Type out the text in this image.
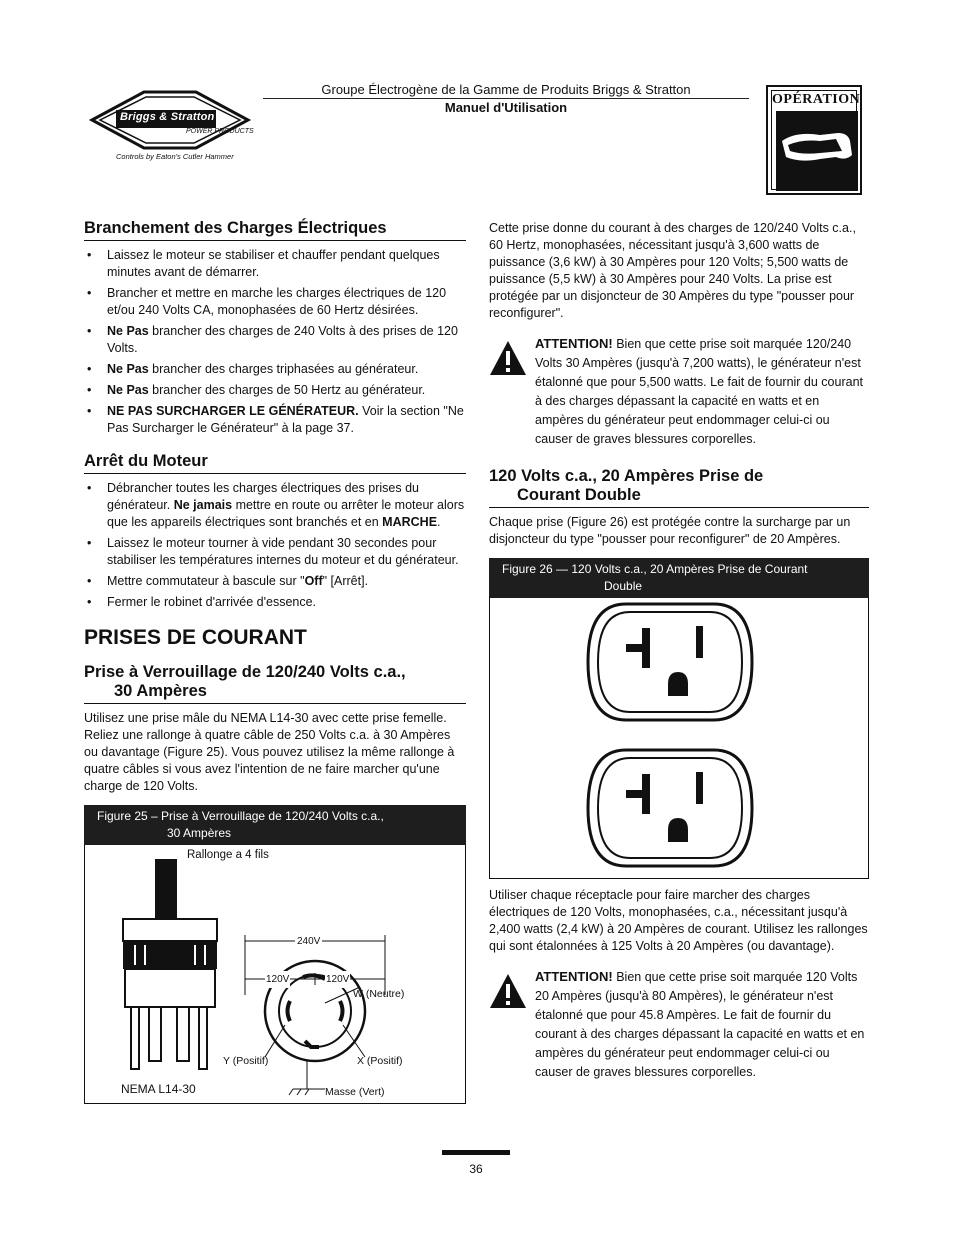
Briggs & Stratton
POWER PRODUCTS
Controls by Eaton's Cutler Hammer
Groupe Électrogène de la Gamme de Produits Briggs & Stratton
Manuel d'Utilisation
OPÉRATION
Branchement des Charges Électriques
• Laissez le moteur se stabiliser et chauffer pendant quelques minutes avant de démarrer.
• Brancher et mettre en marche les charges électriques de 120 et/ou 240 Volts CA, monophasées de 60 Hertz désirées.
• Ne Pas brancher des charges de 240 Volts à des prises de 120 Volts.
• Ne Pas brancher des charges triphasées au générateur.
• Ne Pas brancher des charges de 50 Hertz au générateur.
• NE PAS SURCHARGER LE GÉNÉRATEUR. Voir la section "Ne Pas Surcharger le Générateur" à la page 37.
Arrêt du Moteur
• Débrancher toutes les charges électriques des prises du générateur. Ne jamais mettre en route ou arrêter le moteur alors que les appareils électriques sont branchés et en MARCHE.
• Laissez le moteur tourner à vide pendant 30 secondes pour stabiliser les températures internes du moteur et du générateur.
• Mettre commutateur à bascule sur "Off" [Arrêt].
• Fermer le robinet d'arrivée d'essence.
PRISES DE COURANT
Prise à Verrouillage de 120/240 Volts c.a.,
30 Ampères

Utilisez une prise mâle du NEMA L14-30 avec cette prise femelle. Reliez une rallonge à quatre câble de 250 Volts c.a. à 30 Ampères ou davantage (Figure 25). Vous pouvez utilisez la même rallonge à quatre câbles si vous avez l'intention de ne faire marcher qu'une charge de 120 Volts.

Figure 25 – Prise à Verrouillage de 120/240 Volts c.a.,
30 Ampères
Rallonge a 4 fils
240V
120V	120V
W (Neutre)
Y (Positif)	X (Positif)
NEMA L14-30	Masse (Vert)

Cette prise donne du courant à des charges de 120/240 Volts c.a., 60 Hertz, monophasées, nécessitant jusqu'à 3,600 watts de puissance (3,6 kW) à 30 Ampères pour 120 Volts; 5,500 watts de puissance (5,5 kW) à 30 Ampères pour 240 Volts. La prise est protégée par un disjoncteur de 30 Ampères du type "pousser pour reconfigurer".

ATTENTION! Bien que cette prise soit marquée 120/240 Volts 30 Ampères (jusqu'à 7,200 watts), le générateur n'est étalonné que pour 5,500 watts. Le fait de fournir du courant à des charges dépassant la capacité en watts et en ampères du générateur peut endommager celui-ci ou causer de graves blessures corporelles.
120 Volts c.a., 20 Ampères Prise de
Courant Double

Chaque prise (Figure 26) est protégée contre la surcharge par un disjoncteur du type "pousser pour reconfigurer" de 20 Ampères.

Figure 26 — 120 Volts c.a., 20 Ampères Prise de Courant
Double

Utiliser chaque réceptacle pour faire marcher des charges électriques de 120 Volts, monophasées, c.a., nécessitant jusqu'à 2,400 watts (2,4 kW) à 20 Ampères de courant. Utilisez les rallonges qui sont étalonnées à 125 Volts à 20 Ampères (ou davantage).

ATTENTION! Bien que cette prise soit marquée 120 Volts 20 Ampères (jusqu'à 80 Ampères), le générateur n'est étalonné que pour 45.8 Ampères. Le fait de fournir du courant à des charges dépassant la capacité en watts et en ampères du générateur peut endommager celui-ci ou causer de graves blessures corporelles.
36
